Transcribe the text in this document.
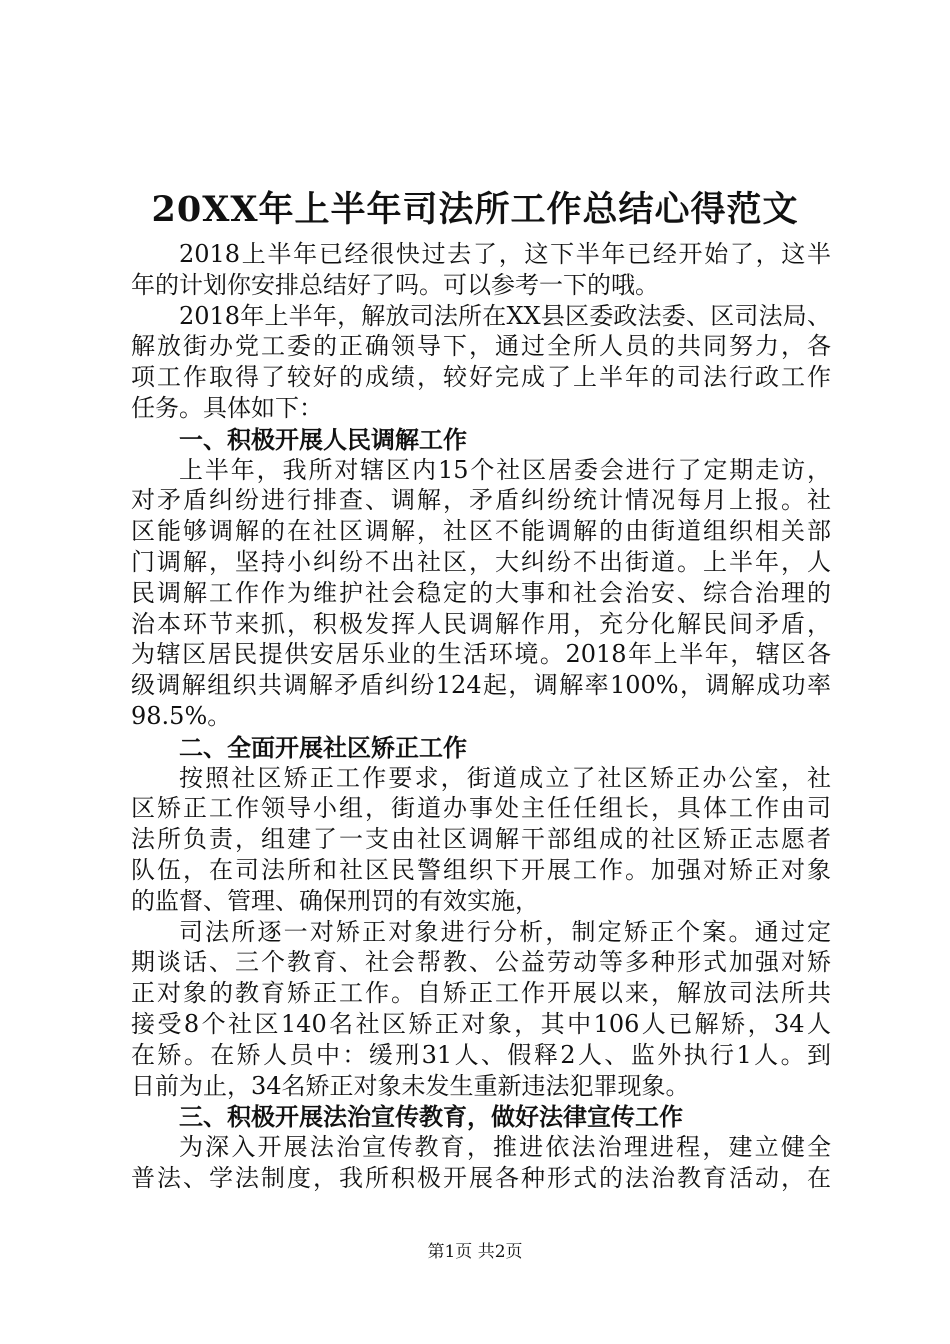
20XX年上半年司法所工作总结心得范文
2018上半年已经很快过去了，这下半年已经开始了，这半
年的计划你安排总结好了吗。可以参考一下的哦。
2018年上半年，解放司法所在XX县区委政法委、区司法局、
解放街办党工委的正确领导下，通过全所人员的共同努力，各
项工作取得了较好的成绩，较好完成了上半年的司法行政工作
任务。具体如下：
一、积极开展人民调解工作
上半年，我所对辖区内15个社区居委会进行了定期走访，
对矛盾纠纷进行排查、调解，矛盾纠纷统计情况每月上报。社
区能够调解的在社区调解，社区不能调解的由街道组织相关部
门调解，坚持小纠纷不出社区，大纠纷不出街道。上半年，人
民调解工作作为维护社会稳定的大事和社会治安、综合治理的
治本环节来抓，积极发挥人民调解作用，充分化解民间矛盾，
为辖区居民提供安居乐业的生活环境。2018年上半年，辖区各
级调解组织共调解矛盾纠纷124起，调解率100%，调解成功率
98.5%。
二、全面开展社区矫正工作
按照社区矫正工作要求，街道成立了社区矫正办公室，社
区矫正工作领导小组，街道办事处主任任组长，具体工作由司
法所负责，组建了一支由社区调解干部组成的社区矫正志愿者
队伍，在司法所和社区民警组织下开展工作。加强对矫正对象
的监督、管理、确保刑罚的有效实施，
司法所逐一对矫正对象进行分析，制定矫正个案。通过定
期谈话、三个教育、社会帮教、公益劳动等多种形式加强对矫
正对象的教育矫正工作。自矫正工作开展以来，解放司法所共
接受8个社区140名社区矫正对象，其中106人已解矫，34人
在矫。在矫人员中：缓刑31人、假释2人、监外执行1人。到
日前为止，34名矫正对象未发生重新违法犯罪现象。
三、积极开展法治宣传教育，做好法律宣传工作
为深入开展法治宣传教育，推进依法治理进程，建立健全
普法、学法制度，我所积极开展各种形式的法治教育活动，在
第1页 共2页
